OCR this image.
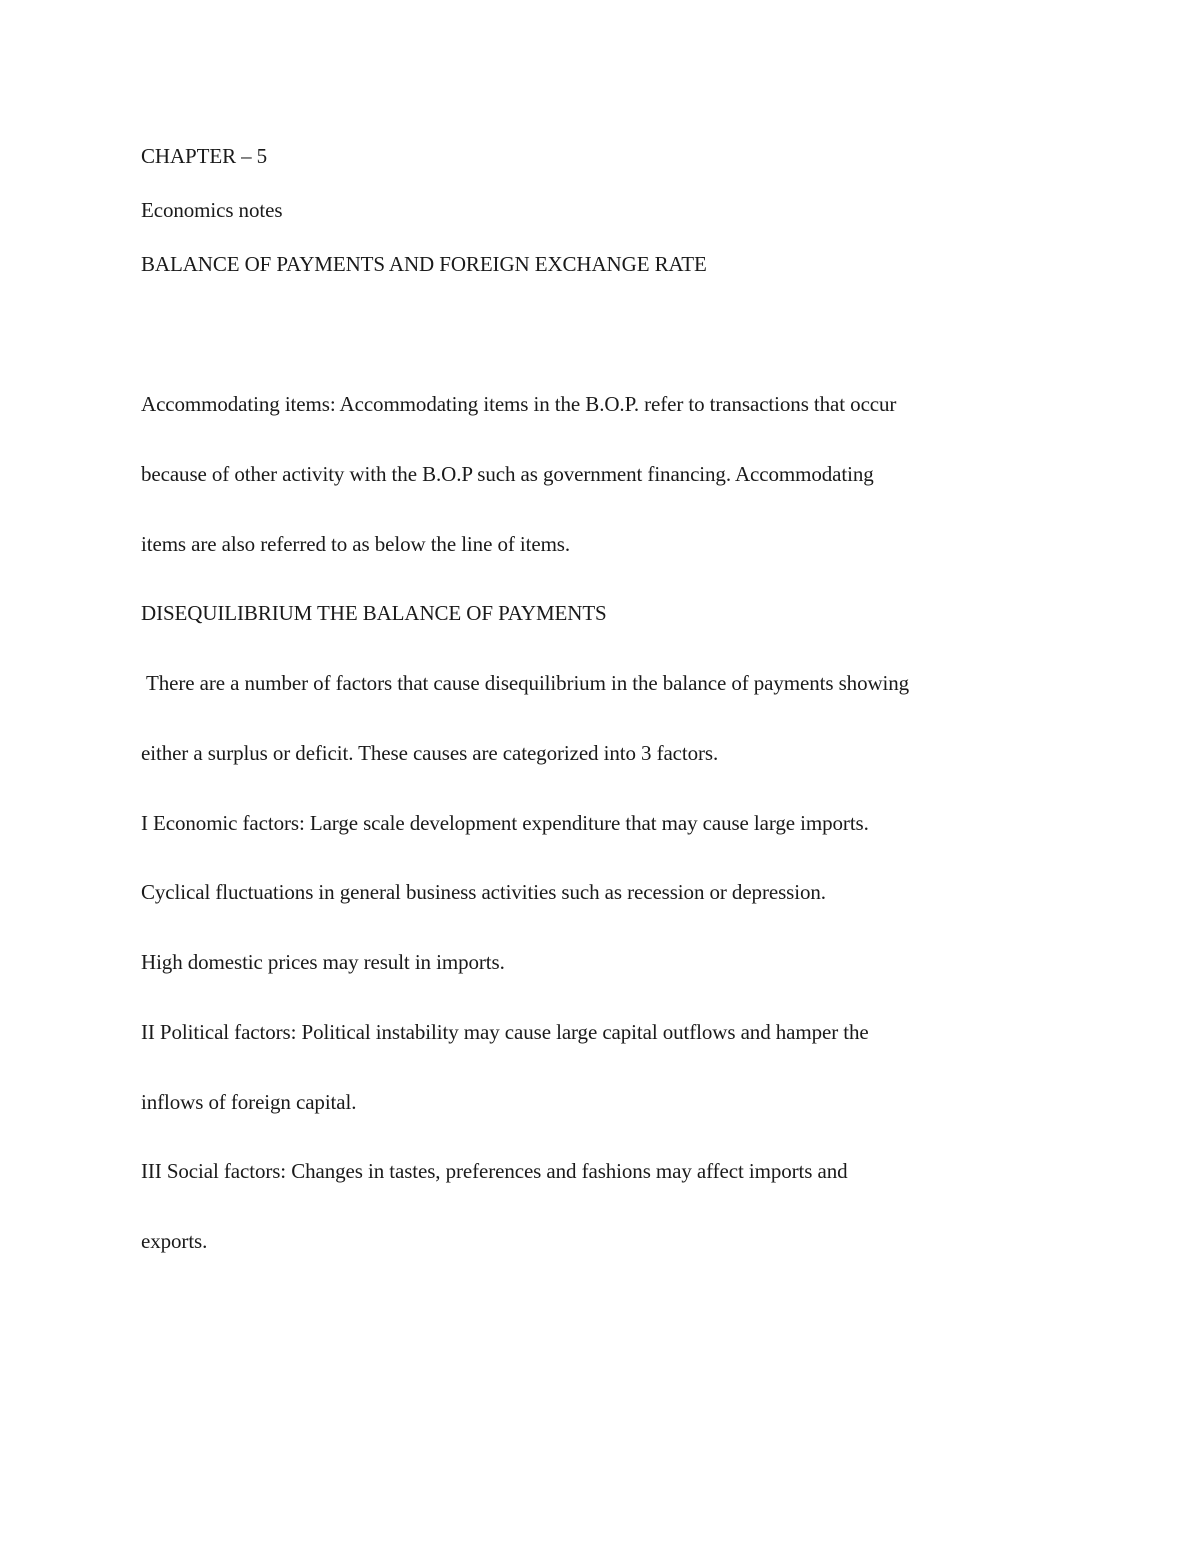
CHAPTER – 5
Economics notes
BALANCE OF PAYMENTS AND FOREIGN EXCHANGE RATE
Accommodating items: Accommodating items in the B.O.P. refer to transactions that occur
because of other activity with the B.O.P such as government financing. Accommodating
items are also referred to as below the line of items.
DISEQUILIBRIUM THE BALANCE OF PAYMENTS
There are a number of factors that cause disequilibrium in the balance of payments showing
either a surplus or deficit. These causes are categorized into 3 factors.
I Economic factors: Large scale development expenditure that may cause large imports.
Cyclical fluctuations in general business activities such as recession or depression.
High domestic prices may result in imports.
II Political factors: Political instability may cause large capital outflows and hamper the
inflows of foreign capital.
III Social factors: Changes in tastes, preferences and fashions may affect imports and
exports.
